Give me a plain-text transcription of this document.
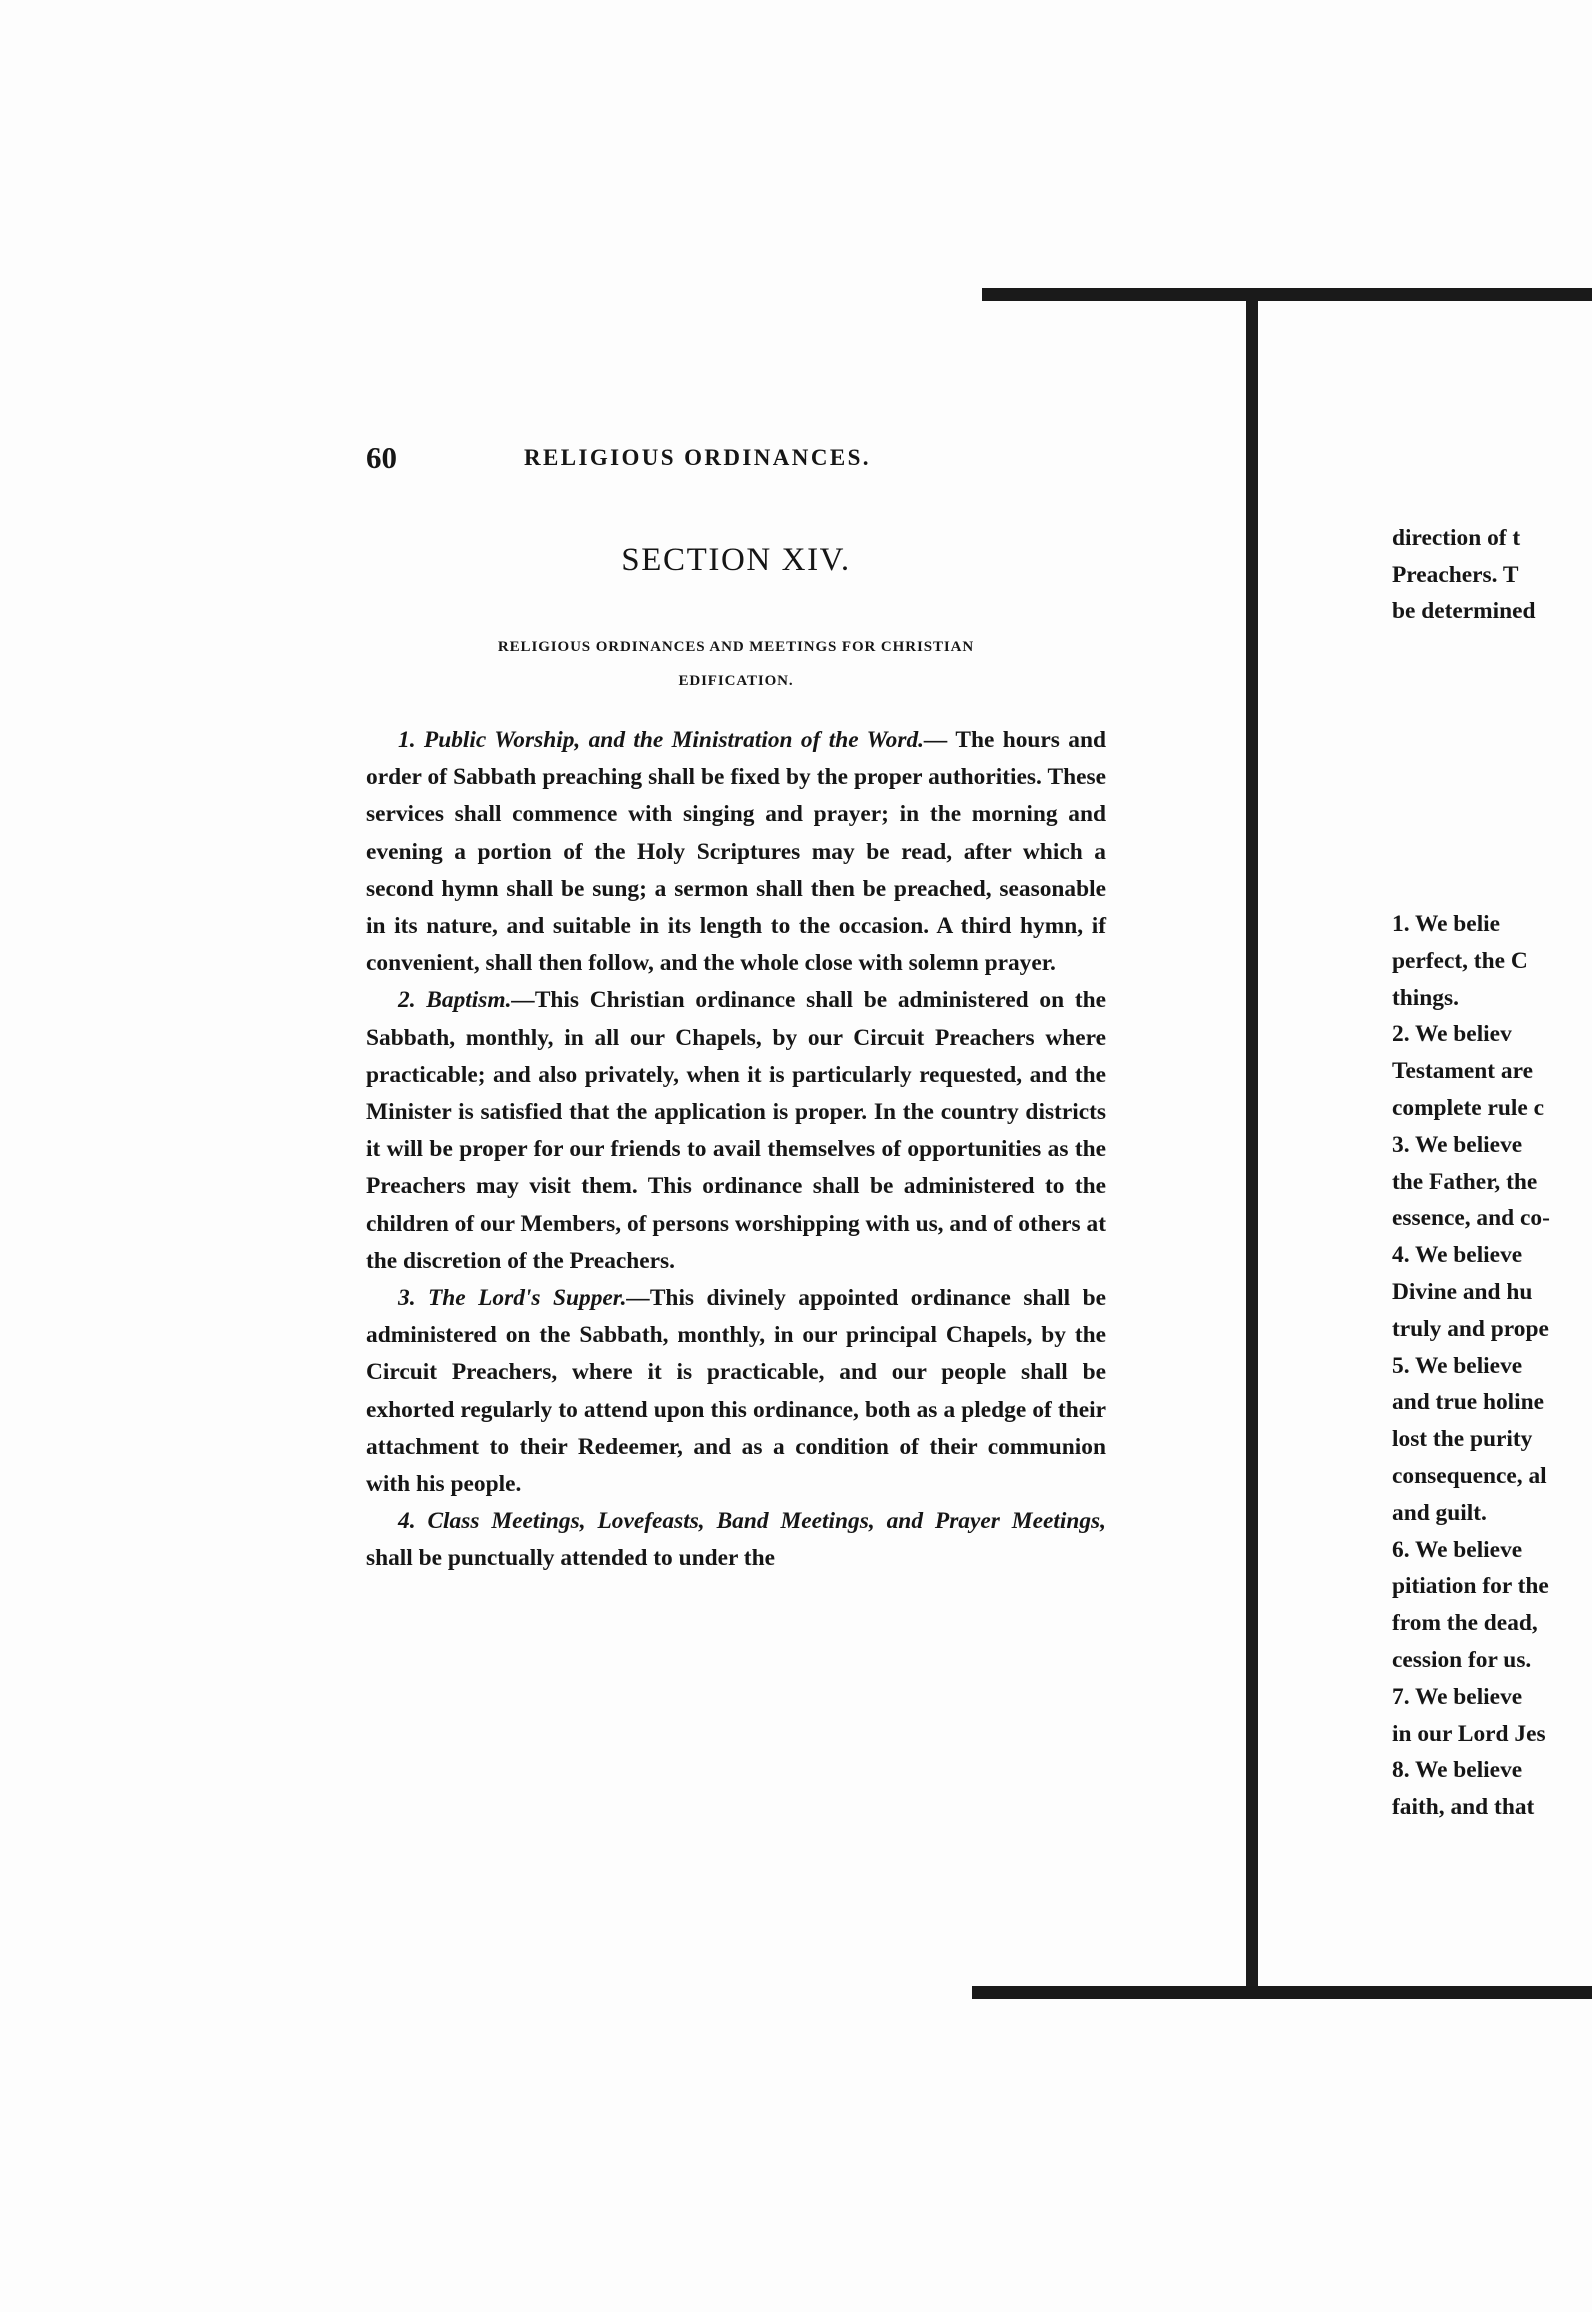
60	RELIGIOUS ORDINANCES.
SECTION XIV.
RELIGIOUS ORDINANCES AND MEETINGS FOR CHRISTIAN
EDIFICATION.

1. Public Worship, and the Ministration of the Word.— The hours and order of Sabbath preaching shall be fixed by the proper authorities. These services shall commence with singing and prayer; in the morning and evening a portion of the Holy Scriptures may be read, after which a second hymn shall be sung; a sermon shall then be preached, seasonable in its nature, and suitable in its length to the occasion. A third hymn, if convenient, shall then follow, and the whole close with solemn prayer.

2. Baptism.—This Christian ordinance shall be administered on the Sabbath, monthly, in all our Chapels, by our Circuit Preachers where practicable; and also privately, when it is particularly requested, and the Minister is satisfied that the application is proper. In the country districts it will be proper for our friends to avail themselves of opportunities as the Preachers may visit them. This ordinance shall be administered to the children of our Members, of persons worshipping with us, and of others at the discretion of the Preachers.

3. The Lord's Supper.—This divinely appointed ordinance shall be administered on the Sabbath, monthly, in our principal Chapels, by the Circuit Preachers, where it is practicable, and our people shall be exhorted regularly to attend upon this ordinance, both as a pledge of their attachment to their Redeemer, and as a condition of their communion with his people.

4. Class Meetings, Lovefeasts, Band Meetings, and Prayer Meetings, shall be punctually attended to under the

direction of t
Preachers. T
be determined
1. We belie
perfect, the C
things.
2. We believ
Testament are
complete rule c
3. We believe
the Father, the
essence, and co-
4. We believe
Divine and hu
truly and prope
5. We believe
and true holine
lost the purity
consequence, al
and guilt.
6. We believe
pitiation for the
from the dead,
cession for us.
7. We believe
in our Lord Jes
8. We believe
faith, and that
